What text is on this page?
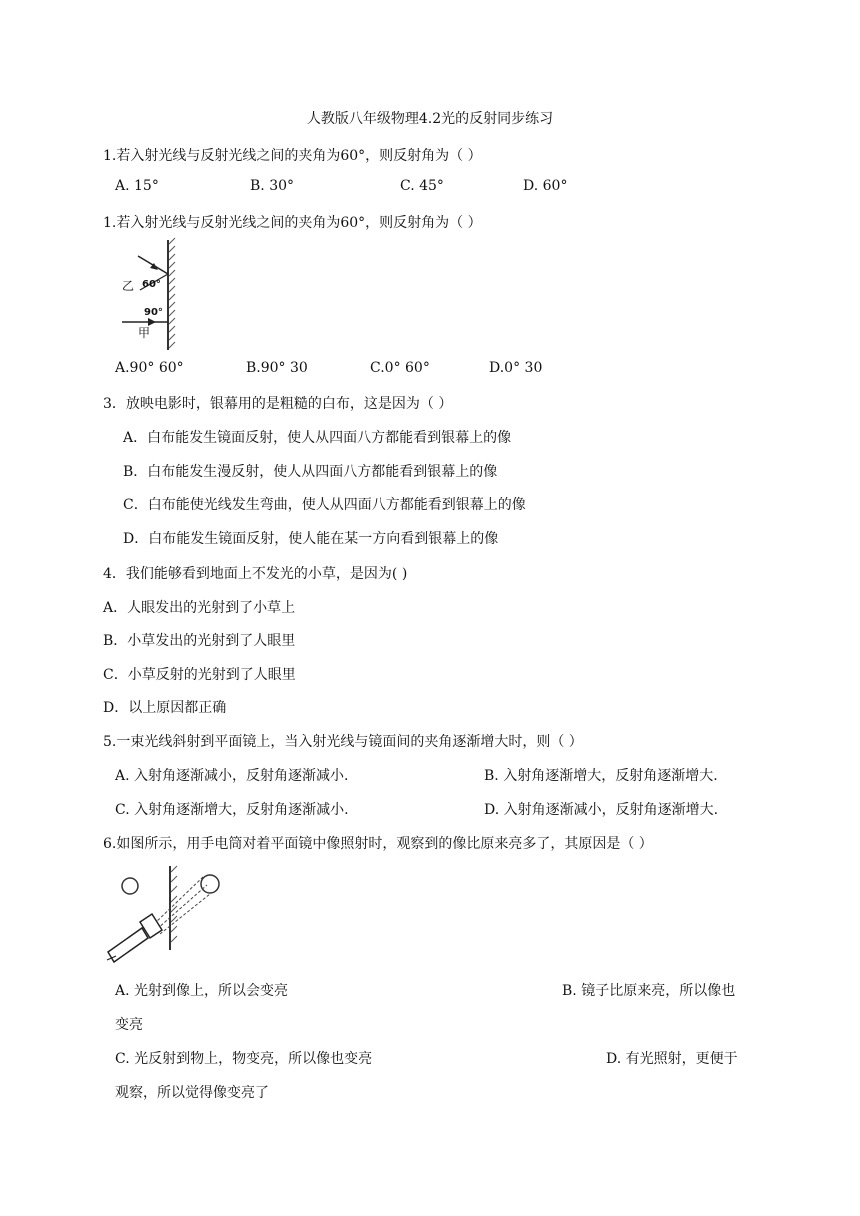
人教版八年级物理4.2光的反射同步练习
1.若入射光线与反射光线之间的夹角为60°，则反射角为（ ）
A. 15°	B. 30°	C. 45°	D. 60°
1.若入射光线与反射光线之间的夹角为60°，则反射角为（ ）
乙 60°
90°
甲
A.90° 60°	B.90° 30	C.0° 60°	D.0° 30
3．放映电影时，银幕用的是粗糙的白布，这是因为（ ）
A．白布能发生镜面反射，使人从四面八方都能看到银幕上的像
B．白布能发生漫反射，使人从四面八方都能看到银幕上的像
C．白布能使光线发生弯曲，使人从四面八方都能看到银幕上的像
D．白布能发生镜面反射，使人能在某一方向看到银幕上的像
4．我们能够看到地面上不发光的小草，是因为( )
A．人眼发出的光射到了小草上
B．小草发出的光射到了人眼里
C．小草反射的光射到了人眼里
D．以上原因都正确
5.一束光线斜射到平面镜上，当入射光线与镜面间的夹角逐渐增大时，则（ ）
A. 入射角逐渐减小，反射角逐渐减小.	B. 入射角逐渐增大，反射角逐渐增大.
C. 入射角逐渐增大，反射角逐渐减小.	D. 入射角逐渐减小，反射角逐渐增大.
6.如图所示，用手电筒对着平面镜中像照射时，观察到的像比原来亮多了，其原因是（ ）
A. 光射到像上，所以会变亮	B. 镜子比原来亮，所以像也
变亮
C. 光反射到物上，物变亮，所以像也变亮	D. 有光照射，更便于
观察，所以觉得像变亮了
